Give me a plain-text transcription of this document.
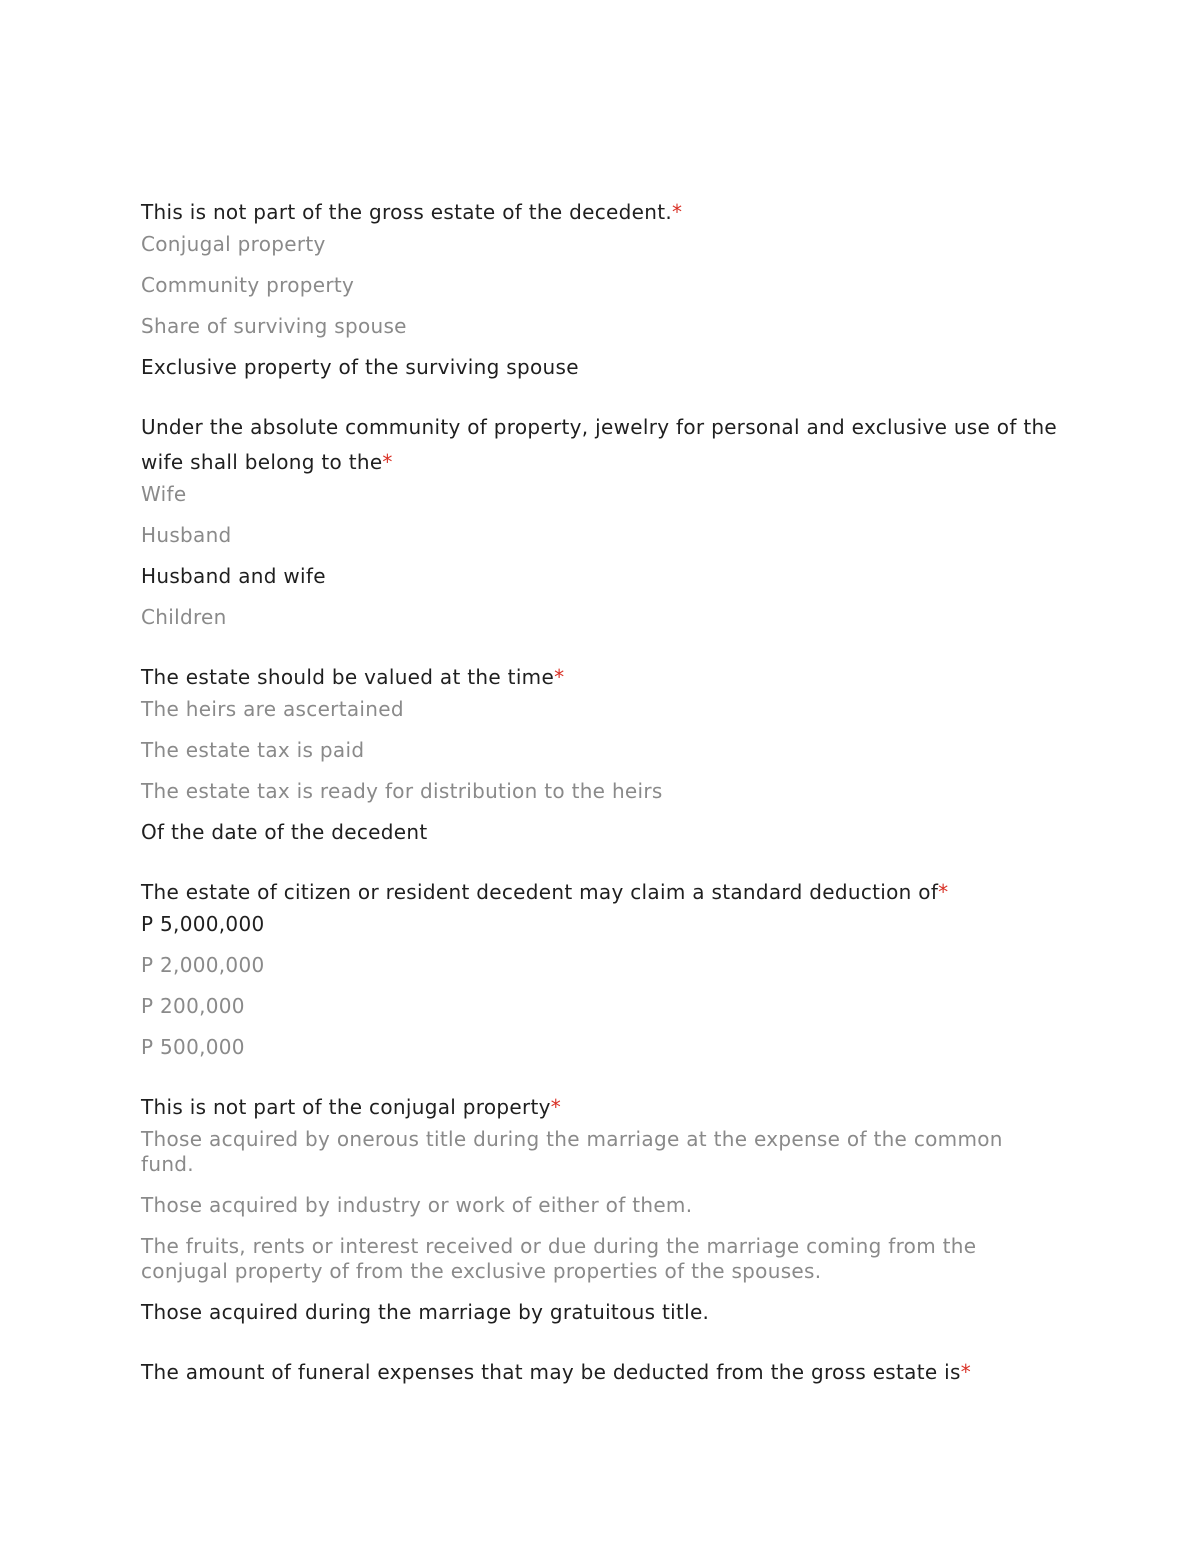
This is not part of the gross estate of the decedent.*

Conjugal property
Community property
Share of surviving spouse
Exclusive property of the surviving spouse

Under the absolute community of property, jewelry for personal and exclusive use of the wife shall belong to the*

Wife
Husband
Husband and wife
Children

The estate should be valued at the time*

The heirs are ascertained
The estate tax is paid
The estate tax is ready for distribution to the heirs
Of the date of the decedent

The estate of citizen or resident decedent may claim a standard deduction of*

P 5,000,000
P 2,000,000
P 200,000
P 500,000

This is not part of the conjugal property*

Those acquired by onerous title during the marriage at the expense of the common fund.
Those acquired by industry or work of either of them.
The fruits, rents or interest received or due during the marriage coming from the conjugal property of from the exclusive properties of the spouses.
Those acquired during the marriage by gratuitous title.

The amount of funeral expenses that may be deducted from the gross estate is*
